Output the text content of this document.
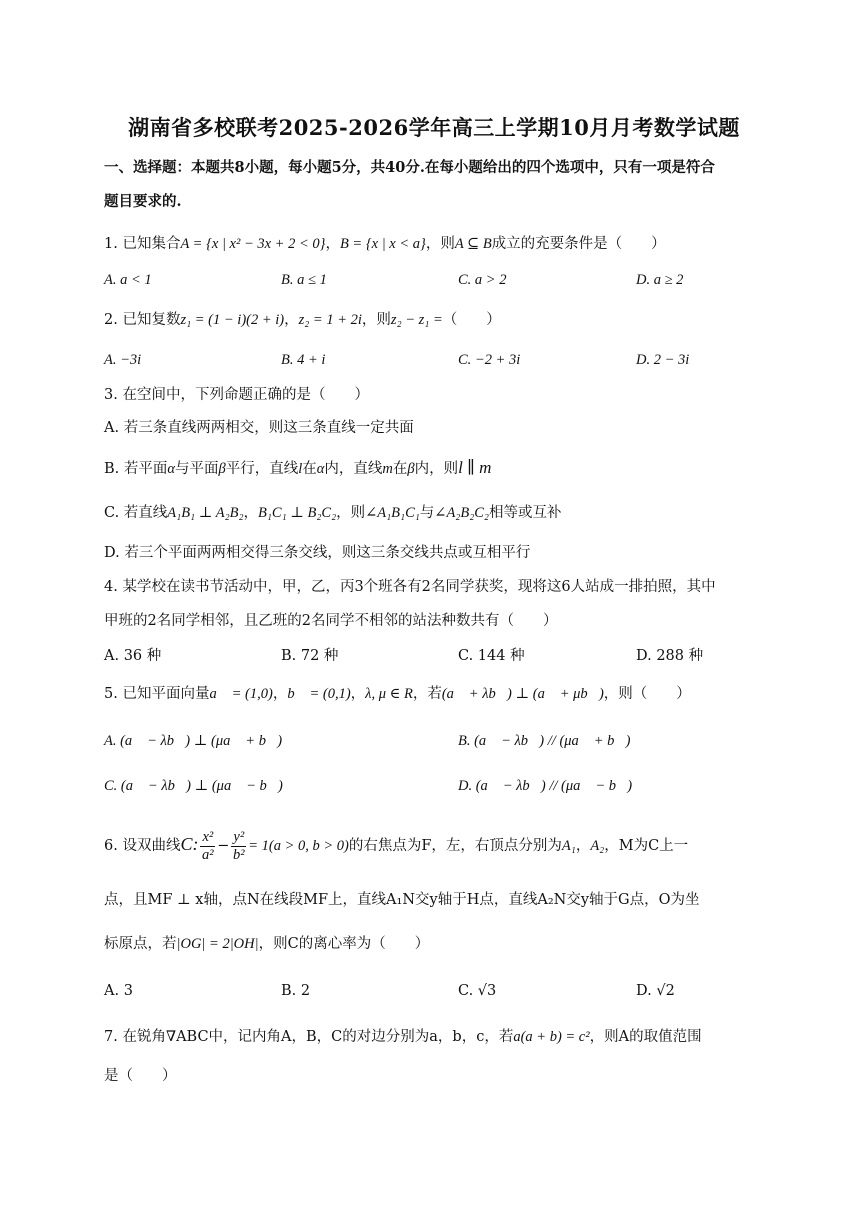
湖南省多校联考2025-2026学年高三上学期10月月考数学试题
一、选择题：本题共8小题，每小题5分，共40分.在每小题给出的四个选项中，只有一项是符合
题目要求的.
1. 已知集合A = {x | x² − 3x + 2 < 0}，B = {x | x < a}，则A ⊆ B成立的充要条件是（　　）
A. a < 1	B. a ≤ 1	C. a > 2	D. a ≥ 2
2. 已知复数z₁ = (1 − i)(2 + i)，z₂ = 1 + 2i，则z₂ − z₁ =（　　）
A. −3i	B. 4 + i	C. −2 + 3i	D. 2 − 3i
3. 在空间中，下列命题正确的是（　　）
A. 若三条直线两两相交，则这三条直线一定共面
B. 若平面α与平面β平行，直线l在α内，直线m在β内，则l ∥ m
C. 若直线A₁B₁ ⊥ A₂B₂，B₁C₁ ⊥ B₂C₂，则∠A₁B₁C₁与∠A₂B₂C₂相等或互补
D. 若三个平面两两相交得三条交线，则这三条交线共点或互相平行
4. 某学校在读书节活动中，甲，乙，丙3个班各有2名同学获奖，现将这6人站成一排拍照，其中
甲班的2名同学相邻，且乙班的2名同学不相邻的站法种数共有（　　）
A. 36 种	B. 72 种	C. 144 种	D. 288 种
5. 已知平面向量a⃗ = (1,0)，b⃗ = (0,1)，λ, μ ∈ R，若(a⃗ + λb⃗) ⊥ (a⃗ + μb⃗)，则（　　）
A. (a⃗ − λb⃗) ⊥ (μa⃗ + b⃗)	B. (a⃗ − λb⃗) // (μa⃗ + b⃗)
C. (a⃗ − λb⃗) ⊥ (μa⃗ − b⃗)	D. (a⃗ − λb⃗) // (μa⃗ − b⃗)
6. 设双曲线C: $\frac{\text{x²}}{\text{a²}} - \frac{\text{y²}}{\text{b²}} = 1(a > 0$, b > 0)的右焦点为F，左，右顶点分别为A₁，A₂，M为C上一
点，且MF ⊥ x轴，点N在线段MF上，直线A₁N交y轴于H点，直线A₂N交y轴于G点，O为坐
标原点，若|OG| = 2|OH|，则C的离心率为（　　）
A. 3	B. 2	C. √3	D. √2
7. 在锐角∇ABC中，记内角A，B，C的对边分别为a，b，c，若a(a + b) = c²，则A的取值范围
是（　　）
